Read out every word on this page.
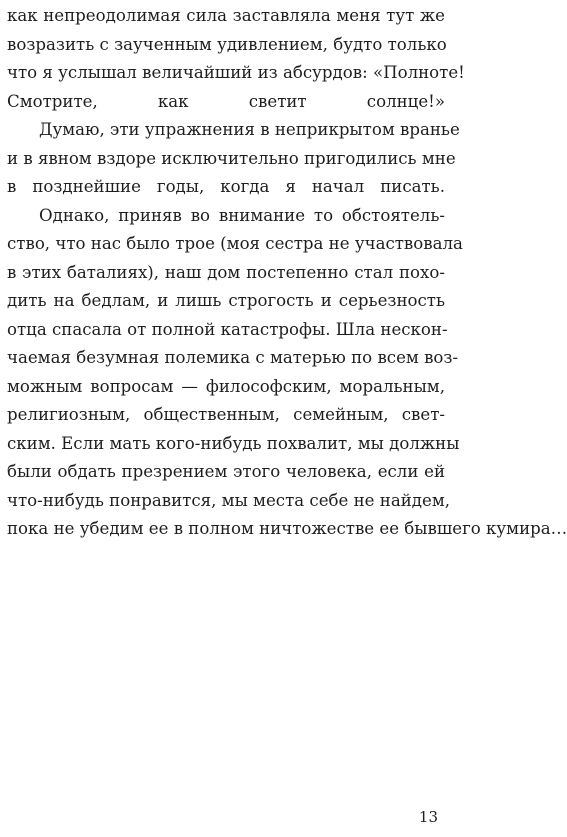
как непреодолимая сила заставляла меня тут же
возразить с заученным удивлением, будто только
что я услышал величайший из абсурдов: «Полноте!
Смотрите, как светит солнце!»
Думаю, эти упражнения в неприкрытом вранье
и в явном вздоре исключительно пригодились мне
в позднейшие годы, когда я начал писать.
Однако, приняв во внимание то обстоятель-
ство, что нас было трое (моя сестра не участвовала
в этих баталиях), наш дом постепенно стал похо-
дить на бедлам, и лишь строгость и серьезность
отца спасала от полной катастрофы. Шла нескон-
чаемая безумная полемика с матерью по всем воз-
можным вопросам — философским, моральным,
религиозным, общественным, семейным, свет-
ским. Если мать кого-нибудь похвалит, мы должны
были обдать презрением этого человека, если ей
что-нибудь понравится, мы места себе не найдем,
пока не убедим ее в полном ничтожестве ее бывшего кумира…
13
